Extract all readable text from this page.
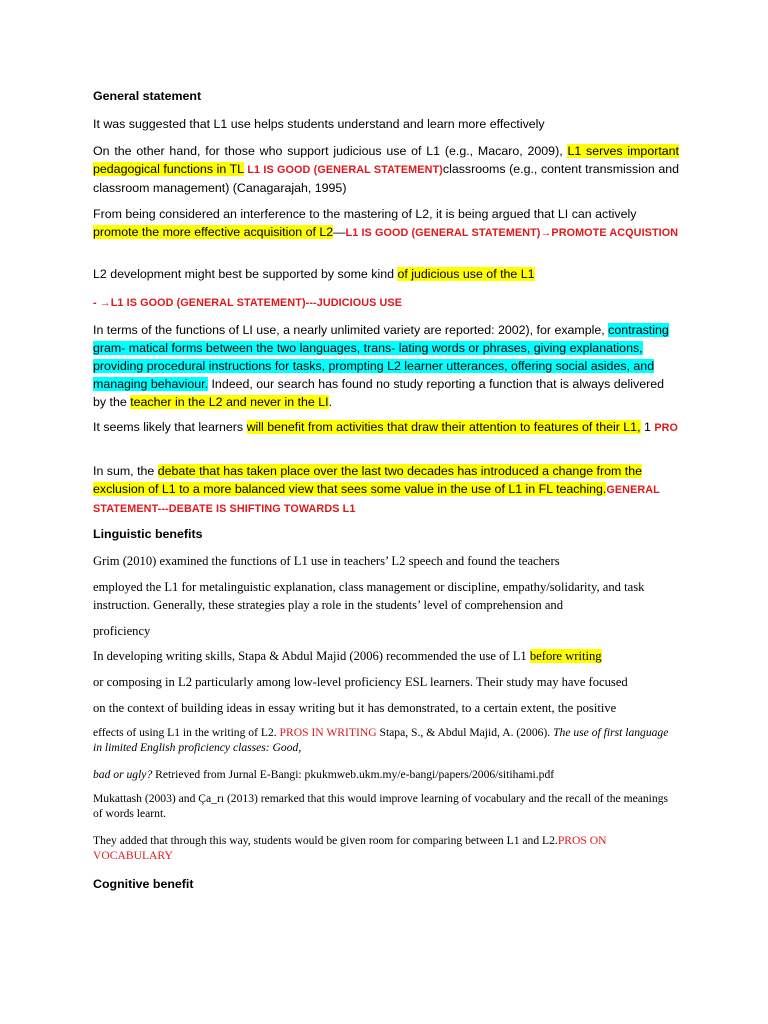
General statement
It was suggested that L1 use helps students understand and learn more effectively
On the other hand, for those who support judicious use of L1 (e.g., Macaro, 2009), L1 serves important pedagogical functions in TL L1 IS GOOD (GENERAL STATEMENT)classrooms (e.g., content transmission and classroom management) (Canagarajah, 1995)
From being considered an interference to the mastering of L2, it is being argued that LI can actively promote the more effective acquisition of L2—L1 IS GOOD (GENERAL STATEMENT)→PROMOTE ACQUISTION
L2 development might best be supported by some kind of judicious use of the L1
- →L1 IS GOOD (GENERAL STATEMENT)---JUDICIOUS USE
In terms of the functions of LI use, a nearly unlimited variety are reported: 2002), for example, contrasting gram- matical forms between the two languages, trans- lating words or phrases, giving explanations, providing procedural instructions for tasks, prompting L2 learner utterances, offering social asides, and managing behaviour. Indeed, our search has found no study reporting a function that is always delivered by the teacher in the L2 and never in the LI.
It seems likely that learners will benefit from activities that draw their attention to features of their L1, 1 PRO
In sum, the debate that has taken place over the last two decades has introduced a change from the exclusion of L1 to a more balanced view that sees some value in the use of L1 in FL teaching.GENERAL STATEMENT---DEBATE IS SHIFTING TOWARDS L1
Linguistic benefits
Grim (2010) examined the functions of L1 use in teachers’ L2 speech and found the teachers
employed the L1 for metalinguistic explanation, class management or discipline, empathy/solidarity, and task instruction. Generally, these strategies play a role in the students’ level of comprehension and
proficiency
In developing writing skills, Stapa & Abdul Majid (2006) recommended the use of L1 before writing
or composing in L2 particularly among low-level proficiency ESL learners. Their study may have focused
on the context of building ideas in essay writing but it has demonstrated, to a certain extent, the positive
effects of using L1 in the writing of L2. PROS IN WRITING Stapa, S., & Abdul Majid, A. (2006). The use of first language in limited English proficiency classes: Good,
bad or ugly? Retrieved from Jurnal E-Bangi: pkukmweb.ukm.my/e-bangi/papers/2006/sitihami.pdf
Mukattash (2003) and Ça_rı (2013) remarked that this would improve learning of vocabulary and the recall of the meanings of words learnt.
They added that through this way, students would be given room for comparing between L1 and L2.PROS ON VOCABULARY
Cognitive benefit
